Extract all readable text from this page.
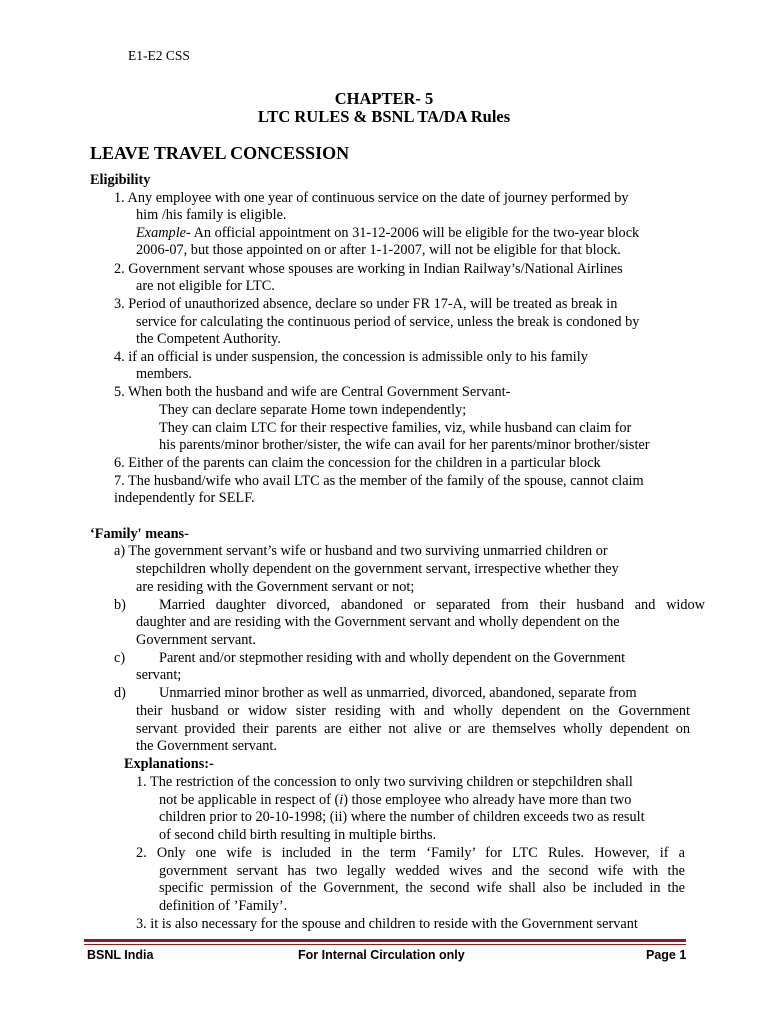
E1-E2 CSS
CHAPTER- 5
LTC RULES & BSNL TA/DA Rules
LEAVE TRAVEL CONCESSION
Eligibility
1. Any employee with one year of continuous service on the date of journey performed by
him /his family is eligible.
Example- An official appointment on 31-12-2006 will be eligible for the two-year block
2006-07, but those appointed on or after 1-1-2007, will not be eligible for that block.
2. Government servant whose spouses are working in Indian Railway’s/National Airlines
are not eligible for LTC.
3. Period of unauthorized absence, declare so under FR 17-A, will be treated as break in
service for calculating the continuous period of service, unless the break is condoned by
the Competent Authority.
4. if an official is under suspension, the concession is admissible only to his family
members.
5. When both the husband and wife are Central Government Servant-
They can declare separate Home town independently;
They can claim LTC for their respective families, viz, while husband can claim for
his parents/minor brother/sister, the wife can avail for her parents/minor brother/sister
6. Either of the parents can claim the concession for the children in a particular block
7. The husband/wife who avail LTC as the member of the family of the spouse, cannot claim
independently for SELF.
‘Family' means-
a) The government servant’s wife or husband and two surviving unmarried children or
stepchildren wholly dependent on the government servant, irrespective whether they
are residing with the Government servant or not;
b) Married daughter divorced, abandoned or separated from their husband and widow
daughter and are residing with the Government servant and wholly dependent on the
Government servant.
c) Parent and/or stepmother residing with and wholly dependent on the Government
servant;
d) Unmarried minor brother as well as unmarried, divorced, abandoned, separate from
their husband or widow sister residing with and wholly dependent on the Government
servant provided their parents are either not alive or are themselves wholly dependent on
the Government servant.
Explanations:-
1. The restriction of the concession to only two surviving children or stepchildren shall
not be applicable in respect of (i) those employee who already have more than two
children prior to 20-10-1998; (ii) where the number of children exceeds two as result
of second child birth resulting in multiple births.
2. Only one wife is included in the term ‘Family’ for LTC Rules. However, if a
government servant has two legally wedded wives and the second wife with the
specific permission of the Government, the second wife shall also be included in the
definition of ’Family’.
3. it is also necessary for the spouse and children to reside with the Government servant
BSNL India	For Internal Circulation only	Page 1
